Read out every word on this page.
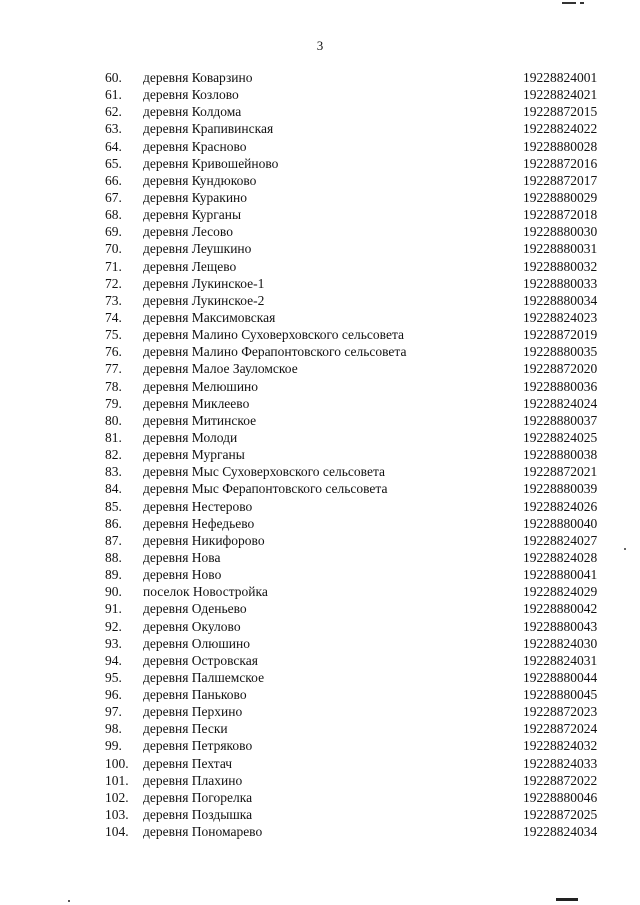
3
60. деревня Коварзино	19228824001
61. деревня Козлово	19228824021
62. деревня Колдома	19228872015
63. деревня Крапивинская	19228824022
64. деревня Красново	19228880028
65. деревня Кривошейново	19228872016
66. деревня Кундюково	19228872017
67. деревня Куракино	19228880029
68. деревня Курганы	19228872018
69. деревня Лесово	19228880030
70. деревня Леушкино	19228880031
71. деревня Лещево	19228880032
72. деревня Лукинское-1	19228880033
73. деревня Лукинское-2	19228880034
74. деревня Максимовская	19228824023
75. деревня Малино Суховерховского сельсовета	19228872019
76. деревня Малино Ферапонтовского сельсовета	19228880035
77. деревня Малое Зауломское	19228872020
78. деревня Мелюшино	19228880036
79. деревня Миклеево	19228824024
80. деревня Митинское	19228880037
81. деревня Молоди	19228824025
82. деревня Мурганы	19228880038
83. деревня Мыс Суховерховского сельсовета	19228872021
84. деревня Мыс Ферапонтовского сельсовета	19228880039
85. деревня Нестерово	19228824026
86. деревня Нефедьево	19228880040
87. деревня Никифорово	19228824027
88. деревня Нова	19228824028
89. деревня Ново	19228880041
90. поселок Новостройка	19228824029
91. деревня Оденьево	19228880042
92. деревня Окулово	19228880043
93. деревня Олюшино	19228824030
94. деревня Островская	19228824031
95. деревня Палшемское	19228880044
96. деревня Паньково	19228880045
97. деревня Перхино	19228872023
98. деревня Пески	19228872024
99. деревня Петряково	19228824032
100. деревня Пехтач	19228824033
101. деревня Плахино	19228872022
102. деревня Погорелка	19228880046
103. деревня Поздышка	19228872025
104. деревня Пономарево	19228824034
